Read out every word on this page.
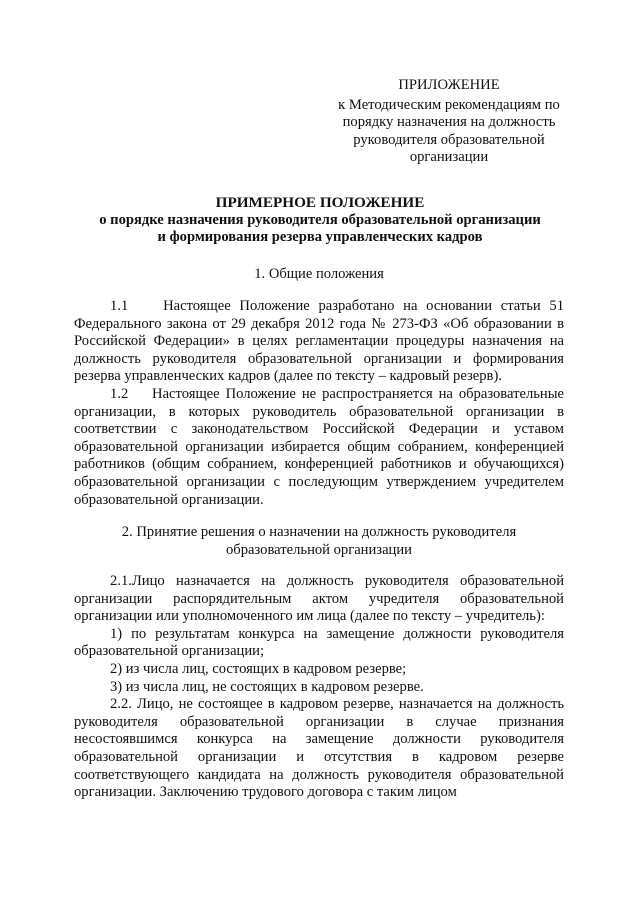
ПРИЛОЖЕНИЕ
к Методическим рекомендациям по
порядку назначения на должность
руководителя образовательной
организации
ПРИМЕРНОЕ ПОЛОЖЕНИЕ
о порядке назначения руководителя образовательной организации
и формирования резерва управленческих кадров
1. Общие положения

1.1 Настоящее Положение разработано на основании статьи 51 Федерального закона от 29 декабря 2012 года № 273-ФЗ «Об образовании в Российской Федерации» в целях регламентации процедуры назначения на должность руководителя образовательной организации и формирования резерва управленческих кадров (далее по тексту – кадровый резерв).

1.2 Настоящее Положение не распространяется на образовательные организации, в которых руководитель образовательной организации в соответствии с законодательством Российской Федерации и уставом образовательной организации избирается общим собранием, конференцией работников (общим собранием, конференцией работников и обучающихся) образовательной организации с последующим утверждением учредителем образовательной организации.

2. Принятие решения о назначении на должность руководителя
образовательной организации

2.1.Лицо назначается на должность руководителя образовательной организации распорядительным актом учредителя образовательной организации или уполномоченного им лица (далее по тексту – учредитель):

1) по результатам конкурса на замещение должности руководителя образовательной организации;

2) из числа лиц, состоящих в кадровом резерве;

3) из числа лиц, не состоящих в кадровом резерве.

2.2. Лицо, не состоящее в кадровом резерве, назначается на должность руководителя образовательной организации в случае признания несостоявшимся конкурса на замещение должности руководителя образовательной организации и отсутствия в кадровом резерве соответствующего кандидата на должность руководителя образовательной организации. Заключению трудового договора с таким лицом
